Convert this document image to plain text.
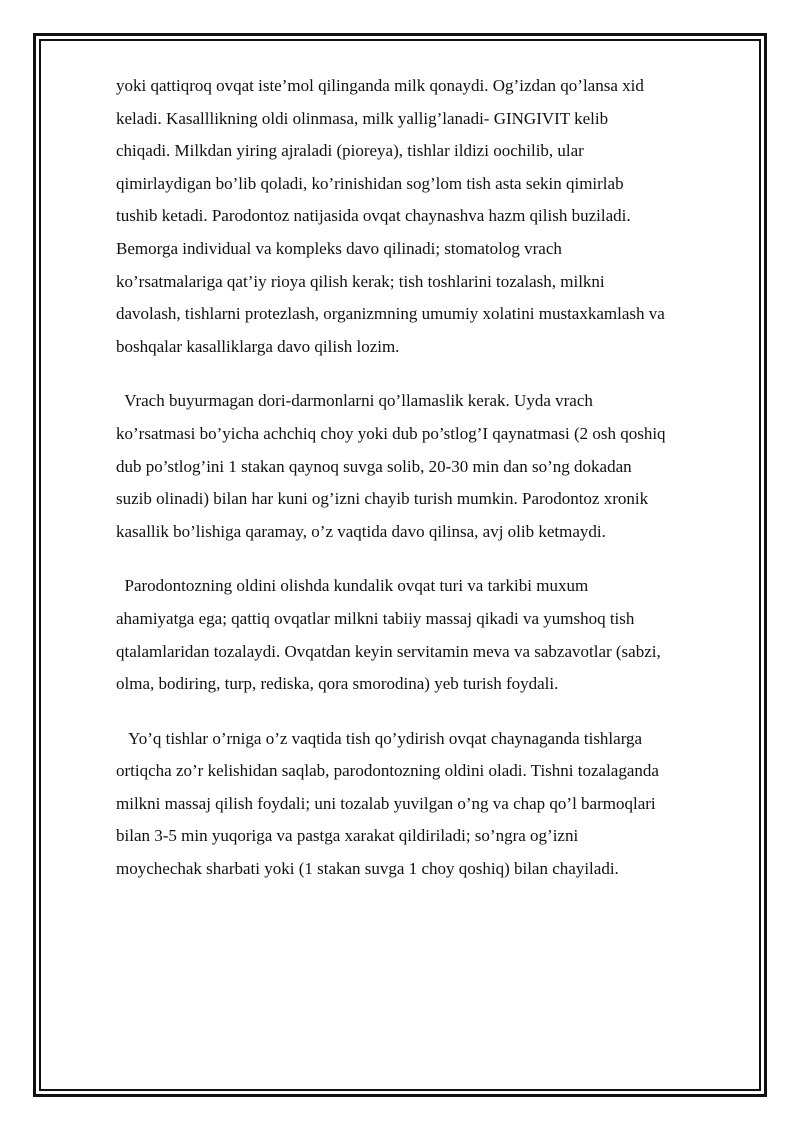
yoki qattiqroq ovqat iste’mol qilinganda milk qonaydi. Og’izdan qo’lansa xid
keladi. Kasalllikning oldi olinmasa, milk yallig’lanadi- GINGIVIT kelib
chiqadi. Milkdan yiring ajraladi (pioreya), tishlar ildizi oochilib, ular
qimirlaydigan bo’lib qoladi, ko’rinishidan sog’lom tish asta sekin qimirlab
tushib ketadi. Parodontoz natijasida ovqat chaynashva hazm qilish buziladi.
Bemorga individual va kompleks davo qilinadi; stomatolog vrach
ko’rsatmalariga qat’iy rioya qilish kerak; tish toshlarini tozalash, milkni
davolash, tishlarni protezlash, organizmning umumiy xolatini mustaxkamlash va
boshqalar kasalliklarga davo qilish lozim.

Vrach buyurmagan dori-darmonlarni qo’llamaslik kerak. Uyda vrach
ko’rsatmasi bo’yicha achchiq choy yoki dub po’stlog’I qaynatmasi (2 osh qoshiq
dub po’stlog’ini 1 stakan qaynoq suvga solib, 20-30 min dan so’ng dokadan
suzib olinadi) bilan har kuni og’izni chayib turish mumkin. Parodontoz xronik
kasallik bo’lishiga qaramay, o’z vaqtida davo qilinsa, avj olib ketmaydi.

Parodontozning oldini olishda kundalik ovqat turi va tarkibi muxum
ahamiyatga ega; qattiq ovqatlar milkni tabiiy massaj qikadi va yumshoq tish
qtalamlaridan tozalaydi. Ovqatdan keyin servitamin meva va sabzavotlar (sabzi,
olma, bodiring, turp, rediska, qora smorodina) yeb turish foydali.

Yo’q tishlar o’rniga o’z vaqtida tish qo’ydirish ovqat chaynaganda tishlarga
ortiqcha zo’r kelishidan saqlab, parodontozning oldini oladi. Tishni tozalaganda
milkni massaj qilish foydali; uni tozalab yuvilgan o’ng va chap qo’l barmoqlari
bilan 3-5 min yuqoriga va pastga xarakat qildiriladi; so’ngra og’izni
moychechak sharbati yoki (1 stakan suvga 1 choy qoshiq) bilan chayiladi.
